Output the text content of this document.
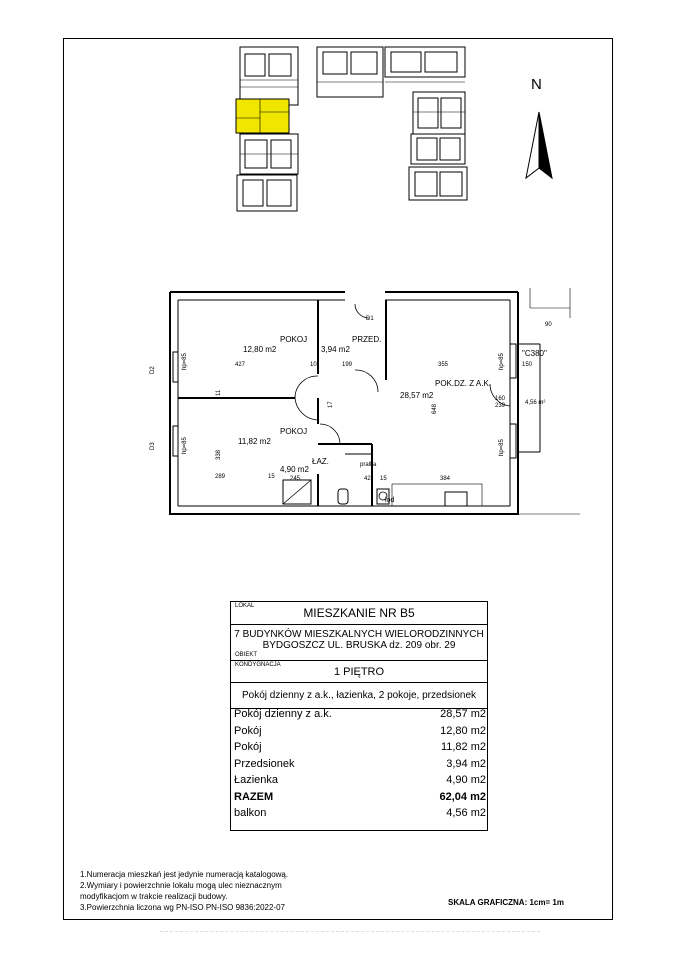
N
POKOJ
12,80 m2
PRZED.
3,94 m2
POK.DZ. Z A.K.
28,57 m2
POKOJ
11,82 m2
ŁAZ.
4,90 m2
"C380"
4,56 m²
427	199	355
289	245	384
15	15
42
90
150
160
239
pralka
lod
hp=85
hp=85
hp=85
hp=85
648
338
11
17
10
D1
D2
D3
LOKAL	MIESZKANIE NR B5
7 BUDYNKÓW MIESZKALNYCH WIELORODZINNYCH
BYDGOSZCZ UL. BRUSKA dz. 209 obr. 29
OBIEKT
KONDYGNACJA
1 PIĘTRO
Pokój dzienny z a.k., łazienka, 2 pokoje, przedsionek
Pokój dzienny z a.k.	28,57 m2
Pokój	12,80 m2
Pokój	11,82 m2
Przedsionek	3,94 m2
Łazienka	4,90 m2
RAZEM	62,04 m2
balkon	4,56 m2
1.Numeracja mieszkań jest jedynie numeracją katalogową.
2.Wymiary i powierzchnie lokalu mogą ulec nieznacznym
modyfikacjom w trakcie realizacji budowy.
3.Powierzchnia liczona wg PN-ISO PN-ISO 9836:2022-07
SKALA GRAFICZNA: 1cm= 1m
